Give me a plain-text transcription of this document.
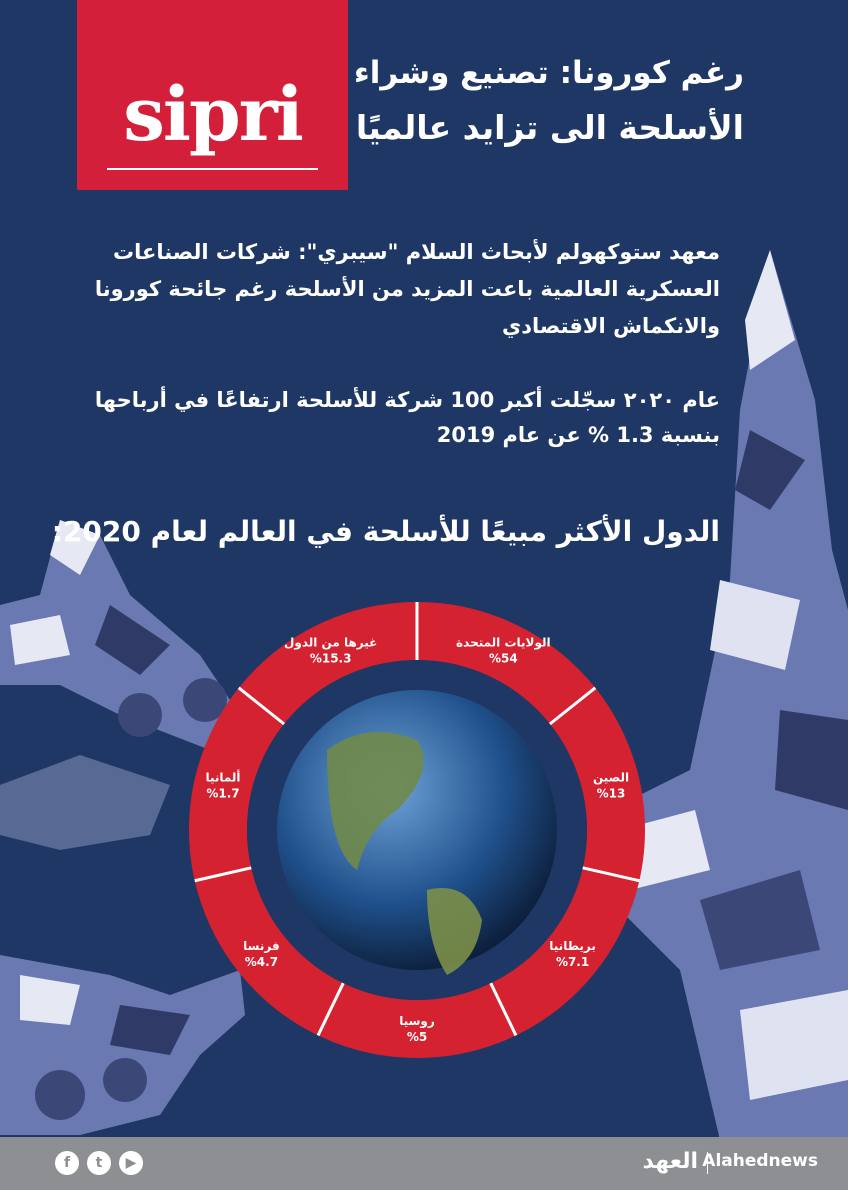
sipri	رغم كورونا: تصنيع وشراء
الأسلحة الى تزايد عالميًا
معهد ستوكهولم لأبحاث السلام "سيبري": شركات الصناعات
العسكرية العالمية باعت المزيد من الأسلحة رغم جائحة كورونا
والانكماش الاقتصادي
عام ٢٠٢٠ سجّلت أكبر 100 شركة للأسلحة ارتفاعًا في أرباحها
بنسبة 1.3 % عن عام 2019
الدول الأكثر مبيعًا للأسلحة في العالم لعام 2020:
الولايات المتحدة
%54
الصين
%13
بريطانيا
%7.1
روسيا
%5
فرنسا
%4.7
ألمانيا
%1.7
غيرها من الدول
%15.3
f	t	▶	العهد Alahednews
